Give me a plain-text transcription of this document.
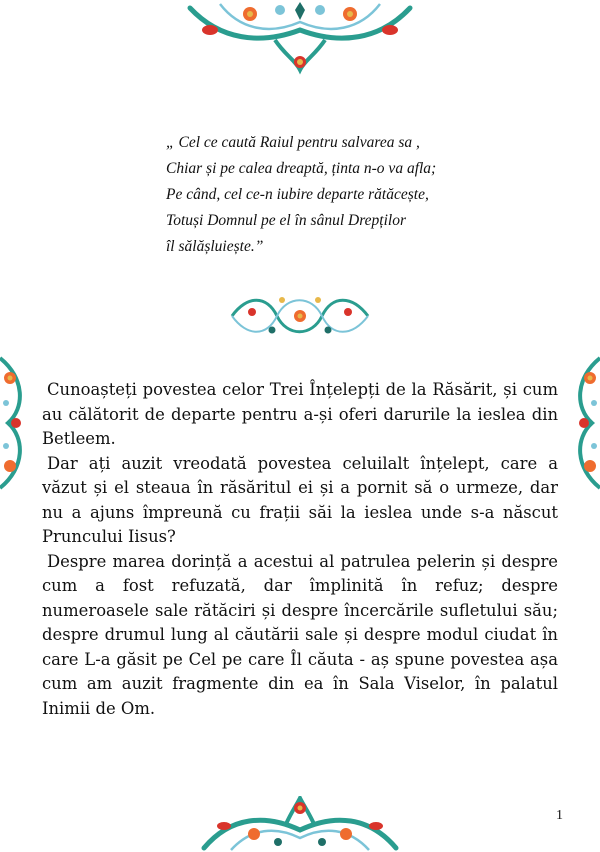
„ Cel ce caută Raiul pentru salvarea sa ,
Chiar și pe calea dreaptă, ținta n-o va afla;
Pe când, cel ce-n iubire departe rătăcește,
Totuși Domnul pe el în sânul Drepților
îl sălășluiește.”

Cunoașteți povestea celor Trei Înțelepți de la Răsărit, și cum au călătorit de departe pentru a-și oferi darurile la ieslea din Betleem.

Dar ați auzit vreodată povestea celuilalt înțelept, care a văzut și el steaua în răsăritul ei și a pornit să o urmeze, dar nu a ajuns împreună cu frații săi la ieslea unde s-a născut Pruncului Iisus?

Despre marea dorință a acestui al patrulea pelerin și despre cum a fost refuzată, dar împlinită în refuz; despre numeroasele sale rătăciri și despre încercările sufletului său; despre drumul lung al căutării sale și despre modul ciudat în care L-a găsit pe Cel pe care Îl căuta - aș spune povestea așa cum am auzit fragmente din ea în Sala Viselor, în palatul Inimii de Om.

1
